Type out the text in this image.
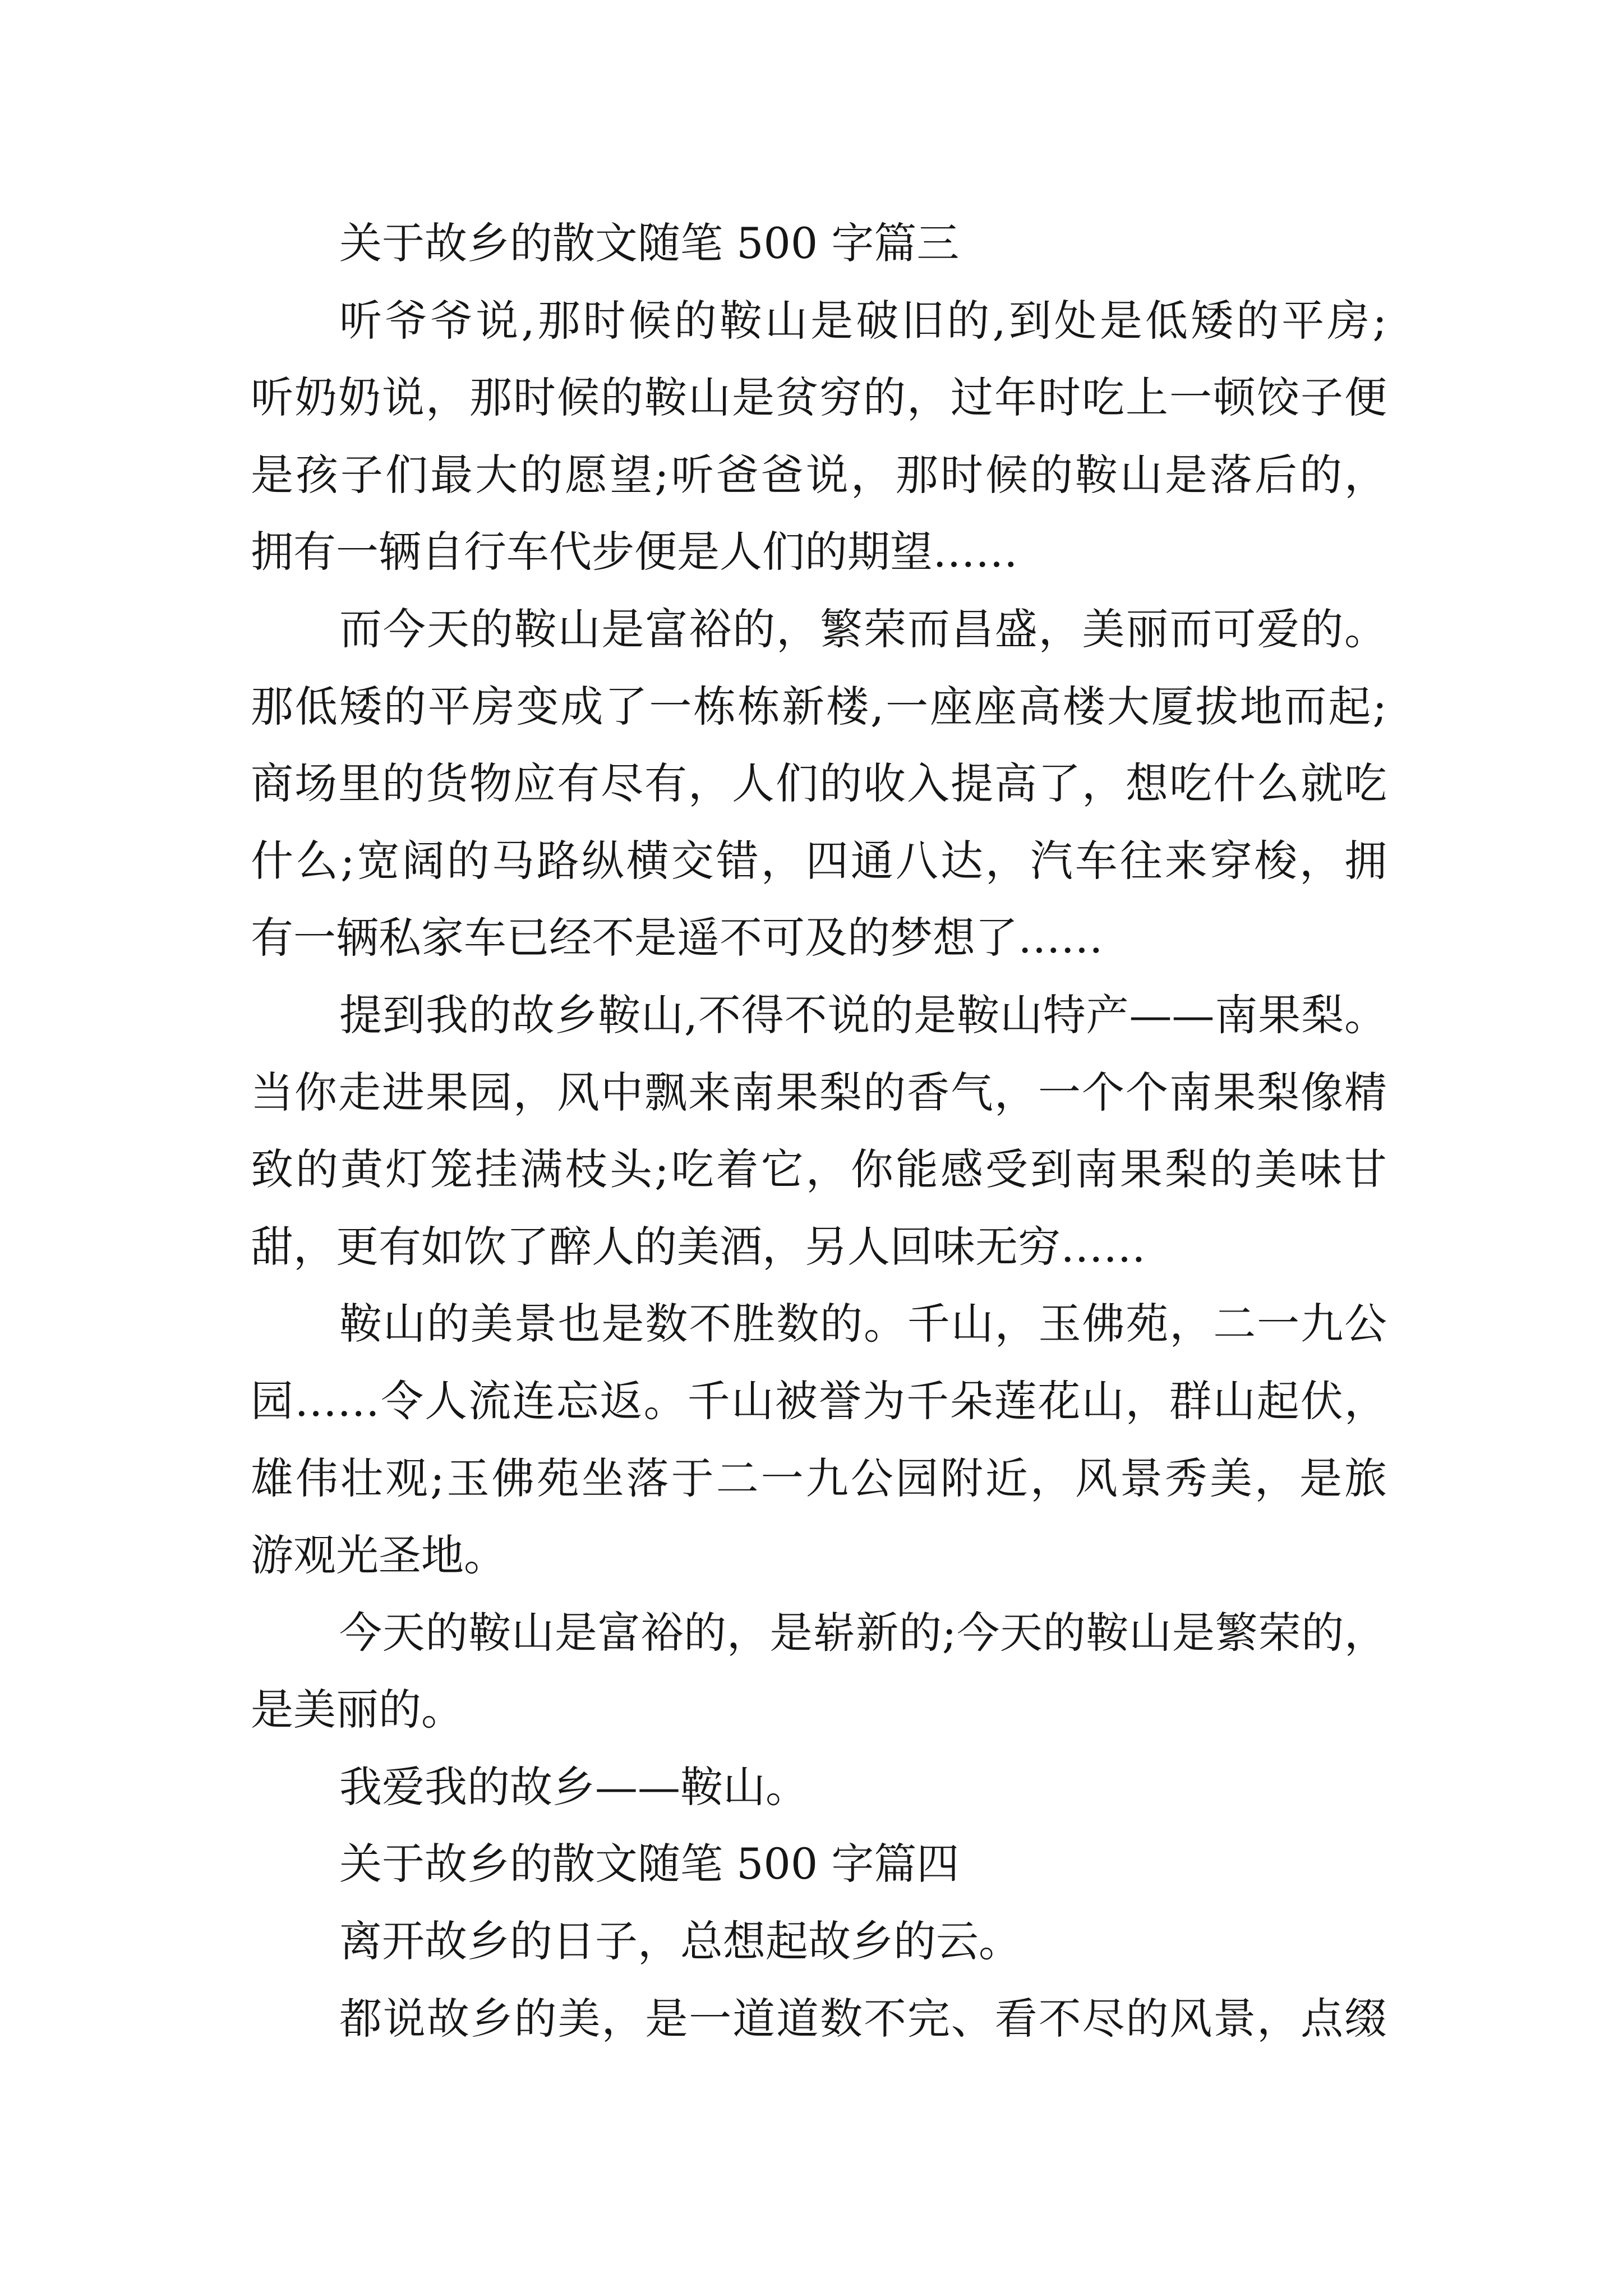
关于故乡的散文随笔 500 字篇三
听爷爷说,那时候的鞍山是破旧的,到处是低矮的平房;
听奶奶说，那时候的鞍山是贫穷的，过年时吃上一顿饺子便
是孩子们最大的愿望;听爸爸说，那时候的鞍山是落后的，
拥有一辆自行车代步便是人们的期望……
而今天的鞍山是富裕的，繁荣而昌盛，美丽而可爱的。
那低矮的平房变成了一栋栋新楼,一座座高楼大厦拔地而起;
商场里的货物应有尽有，人们的收入提高了，想吃什么就吃
什么;宽阔的马路纵横交错，四通八达，汽车往来穿梭，拥
有一辆私家车已经不是遥不可及的梦想了……
提到我的故乡鞍山,不得不说的是鞍山特产——南果梨。
当你走进果园，风中飘来南果梨的香气，一个个南果梨像精
致的黄灯笼挂满枝头;吃着它，你能感受到南果梨的美味甘
甜，更有如饮了醉人的美酒，另人回味无穷……
鞍山的美景也是数不胜数的。千山，玉佛苑，二一九公
园……令人流连忘返。千山被誉为千朵莲花山，群山起伏，
雄伟壮观;玉佛苑坐落于二一九公园附近，风景秀美，是旅
游观光圣地。
今天的鞍山是富裕的，是崭新的;今天的鞍山是繁荣的，
是美丽的。
我爱我的故乡——鞍山。
关于故乡的散文随笔 500 字篇四
离开故乡的日子，总想起故乡的云。
都说故乡的美，是一道道数不完、看不尽的风景，点缀
